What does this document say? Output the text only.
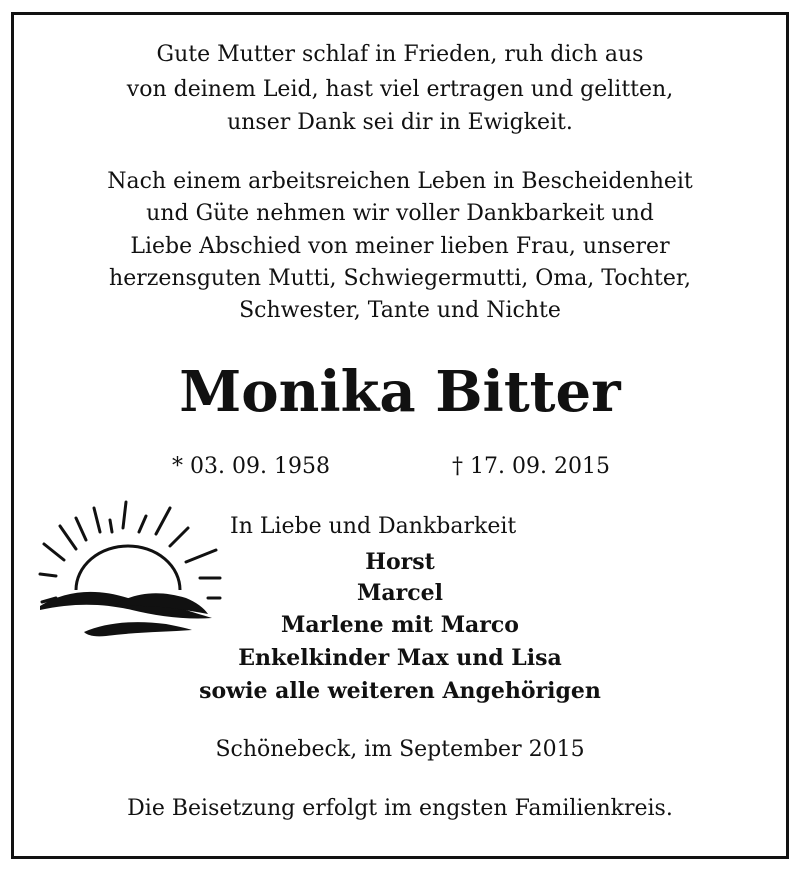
Gute Mutter schlaf in Frieden, ruh dich aus
von deinem Leid, hast viel ertragen und gelitten,
unser Dank sei dir in Ewigkeit.
Nach einem arbeitsreichen Leben in Bescheidenheit
und Güte nehmen wir voller Dankbarkeit und
Liebe Abschied von meiner lieben Frau, unserer
herzensguten Mutti, Schwiegermutti, Oma, Tochter,
Schwester, Tante und Nichte
Monika Bitter
* 03. 09. 1958	† 17. 09. 2015
In Liebe und Dankbarkeit
Horst
Marcel
Marlene mit Marco
Enkelkinder Max und Lisa
sowie alle weiteren Angehörigen
Schönebeck, im September 2015
Die Beisetzung erfolgt im engsten Familienkreis.
